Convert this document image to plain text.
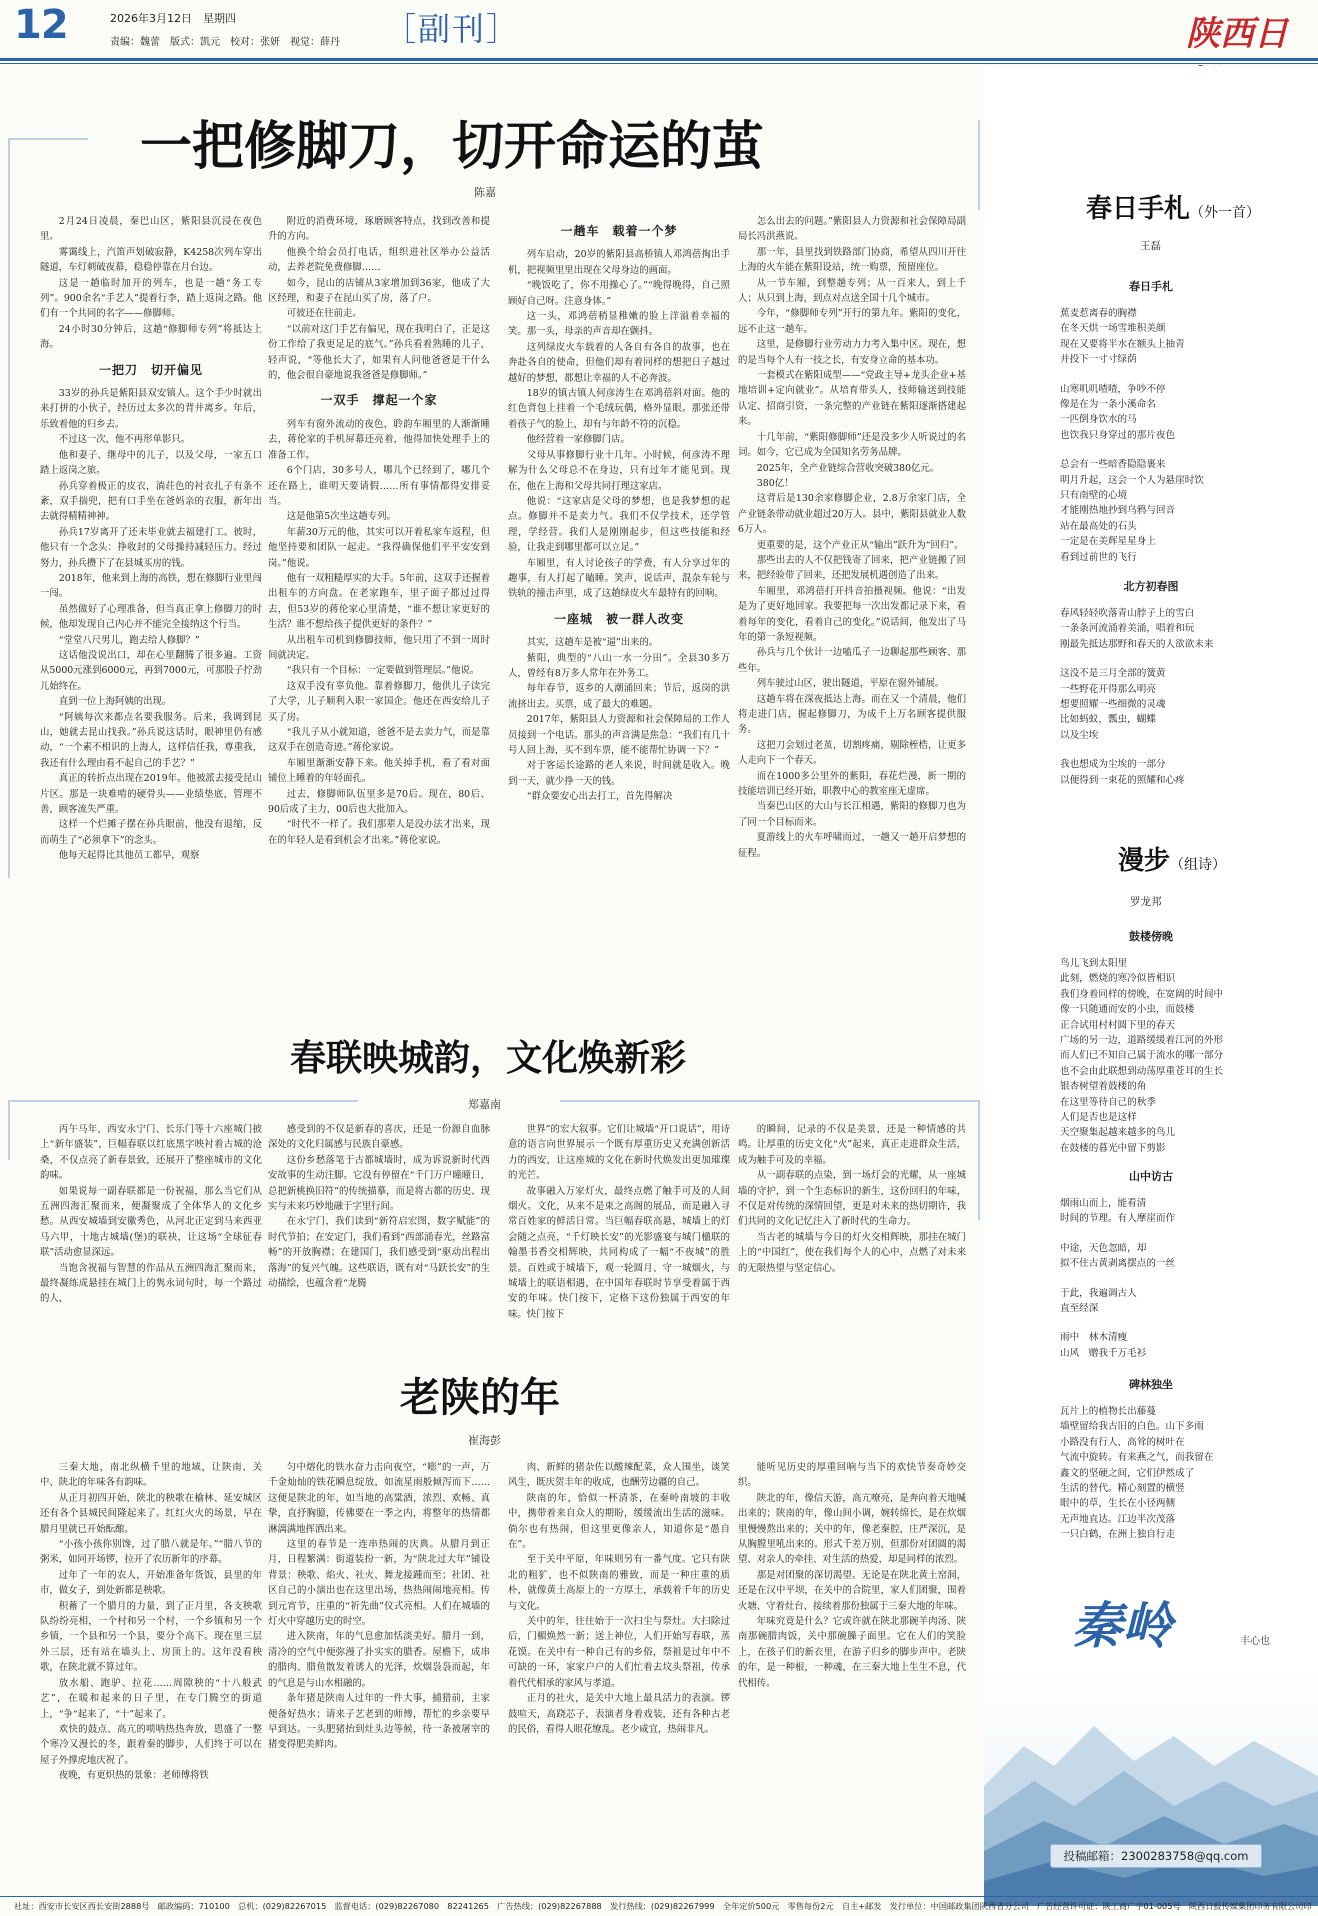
12	2026年3月12日　星期四
责编：魏蕾　版式：凯元　校对：张妍　视觉：薛丹 ［副刊］	陕西日
一把修脚刀，切开命运的茧
陈嘉

2月24日凌晨，秦巴山区，紫阳县沉浸在夜色里。

雾霭线上，汽笛声划破寂静，K4258次列车穿出隧道，车灯刺破夜幕，稳稳停靠在月台边。

这是一趟临时加开的列车，也是一趟“务工专列”。900余名“手艺人”提着行李，踏上返岗之路。他们有一个共同的名字——修脚师。

24小时30分钟后，这趟“修脚师专列”将抵达上海。

一把刀　切开偏见

33岁的孙兵是紫阳县双安镇人。这个手少时就出来打拼的小伙子，经历过太多次的背井离乡。年后，乐致着他的归乡去。

不过这一次，他不再形单影只。

他和妻子、继母中的儿子，以及父母，一家五口踏上返岗之旅。

孙兵穿着极正的皮衣，淌荘色的衬衣扎子有条不紊，双手揣兜，把有口手坐在爸妈亲的衣服，新年出去就得精精神神。

孙兵17岁离开了还未毕业就去福建打工。彼时，他只有一个念头：挣收封的父母操持减轻压力。经过努力，孙兵攒下了在县城买房的钱。

2018年，他来到上海的高铁，想在修脚行业里闯一闯。

虽然做好了心理准备，但当真正拿上修脚刀的时候，他却发现自己内心并不能完全接纳这个行当。

“堂堂八尺男儿，跑去给人修脚？”

这话他没说出口，却在心里翻腾了很多遍。工资从5000元涨到6000元，再到7000元，可那股子拧劲儿始终在。

直到一位上海阿姨的出现。

“阿姨每次来都点名要我服务。后来，我调到昆山，她就去昆山找我。”孙兵说这话时，眼神里仍有感动，“一个素不相识的上海人，这样信任我，尊重我，我还有什么理由看不起自己的手艺？”

真正的转折点出现在2019年。他被派去接受昆山片区。那是一块难啃的硬骨头——业绩垫底，管理不善，顾客流失严重。

这样一个烂摊子摆在孙兵眼前，他没有退缩，反而萌生了“必须拿下”的念头。

他每天起得比其他员工都早，观察

附近的消费环境，琢磨顾客特点，找到改善和提升的方向。

他换个给会员打电话，组织进社区举办公益活动，去养老院免费修脚……

如今，昆山的店铺从3家增加到36家，他成了大区经理，和妻子在昆山买了房，落了户。

可彼还在往前走。

“以前对这门手艺有偏见，现在我明白了，正是这份工作给了我更足足的底气。”孙兵看着熟睡的儿子，轻声说，“等他长大了，如果有人问他爸爸是干什么的，他会很自豪地说我爸爸是修脚师。”

一双手　撑起一个家

列车有窗外流动的夜色，聆韵车厢里的人渐渐睡去，蒋伦家的手机屏幕还亮着，他得加快处理手上的准备工作。

6个门店，30多号人，哪儿个已经到了，哪几个还在路上，谁明天要请假……所有事情都得安排妥当。

这是他第5次坐这趟专列。

年薪30万元的他，其实可以开着私家车返程，但他坚持要和团队一起走。“我得确保他们平平安安到岗。”他说。

他有一双粗糙厚实的大手。5年前，这双手还握着出租车的方向盘。在老家跑车，里子面子都过过得去，但53岁的蒋伦家心里清楚，“谁不想让家更好的生活？谁不想给孩子提供更好的条件？”

从出租车司机到修脚技师，他只用了不到一周时间就决定。

“我只有一个目标：一定要做到管理层。”他说。

这双手没有辜负他。靠着修脚刀，他供儿子读完了大学，儿子顺利入职一家国企。他还在西安给儿子买了房。

“我儿子从小就知道，爸爸不是去卖力气，而是靠这双手在创造奇迹。”蒋伦家说。

车厢里渐渐安静下来。他关掉手机，看了看对面铺位上睡着的年轻面孔。

过去，修脚师队伍里多是70后。现在，80后、90后成了主力，00后也大批加入。

“时代不一样了。我们那辈人是没办法才出来，现在的年轻人是看到机会才出来。”蒋伦家说。

一趟车　载着一个梦

列车启动，20岁的紫阳县高桥镇人邓鸿蓓掏出手机，把视频里里出现在父母身边的画面。

“晚饭吃了，你不用操心了。”“晚得晚得，自己照顾好自己呀。注意身体。”

这一头，邓鸿蓓稍显稚嫩的脸上洋溢着幸福的笑。那一头，母亲的声音却在颤抖。

这列绿皮火车载着的人各自有各自的故事，也在奔赴各自的使命，但他们却有着同样的想把日子越过越好的梦想，都想让幸福的人不必奔波。

18岁的镇古镇人何彦涛生在邓鸿蓓斜对面。他的红色背包上挂着一个毛绒玩偶，格外显眼。那张还带着孩子气的脸上，却有与年龄不符的沉稳。

他经营着一家修脚门店。

父母从事修脚行业十几年。小时候，何彦涛不理解为什么父母总不在身边，只有过年才能见到。现在，他在上海和父母共同打理这家店。

他说：“这家店是父母的梦想，也是我梦想的起点。修脚并不是卖力气。我们不仅学技术，还学管理，学经营。我们人是刚刚起步，但这些技能和经验，让我走到哪里都可以立足。”

车厢里，有人讨论孩子的学费，有人分享过年的趣事，有人打起了瞌睡。笑声，说话声，混杂车轮与铁轨的撞击声里，成了这趟绿皮火车最特有的回响。

一座城　被一群人改变

其实，这趟车是被“逼”出来的。

紫阳，典型的“八山一水一分田”。全县30多万人，曾经有8万多人常年在外务工。

每年春节，返乡的人潮涌回来；节后，返岗的洪流挤出去。买票，成了最大的难题。

2017年，紫阳县人力资源和社会保障局的工作人员接到一个电话。那头的声音满是焦急：“我们有几十号人回上海，买不到车票，能不能帮忙协调一下？”

对于客运长途路的老人来说，时间就是收入。晚到一天，就少挣一天的钱。

“群众要安心出去打工，首先得解决

怎么出去的问题。”紫阳县人力资源和社会保障局副局长冯洪燕说。

那一年，县里找到铁路部门协商，希望从四川开往上海的火车能在紫阳设站，统一购票，预留座位。

从一节车厢，到整趟专列；从一百来人，到上千人；从只到上海，到点对点送全国十几个城市。

今年，“修脚师专列”开行的第九年。紫阳的变化，远不止这一趟车。

这里，是修脚行业劳动力力考入集中区。现在，想的是当每个人有一技之长，有安身立命的基本功。

一套模式在紫阳成型——“党政主导+龙头企业+基地培训+定向就业”。从培育带头人，技师输送到技能认定、招商引资，一条完整的产业链在紫阳逐渐搭建起来。

十几年前，“紫阳修脚师”还是没多少人听说过的名词。如今，它已成为全国知名劳务品牌。

2025年，全产业链综合营收突破380亿元。

380亿！

这背后是130余家修脚企业，2.8万余家门店，全产业链条带动就业超过20万人。县中，紫阳县就业人数6万人。

更重要的是，这个产业正从“输出”跃升为“回归”。

那些出去的人不仅把钱寄了回来，把产业链搬了回来，把经验带了回来，还把发展机遇创造了出来。

车厢里，邓鸿蓓打开抖音拍摄视频。他说：“出发是为了更好地回家。我要把每一次出发都记录下来，看着每年的变化，看着自己的变化。”说话间，他发出了马年的第一条短视频。

孙兵与几个伙计一边嗑瓜子一边聊起那些顾客、那些年。

列车驶过山区，驶出隧道，平原在窗外铺展。

这趟车将在深夜抵达上海。而在又一个清晨，他们将走进门店，握起修脚刀，为成千上万名顾客提供服务。

这把刀会划过老茧，切割疼痛，剔除桎梏，让更多人走向下一个春天。

而在1000多公里外的紫阳，春花烂漫，新一期的技能培训已经开始，职教中心的教室座无虚席。

当秦巴山区的大山与长江相遇，紫阳的修脚刀也为了同一个目标而来。

夏游线上的火车呼啸而过，一趟又一趟开启梦想的征程。

春联映城韵，文化焕新彩
郑嘉南

丙午马年，西安永宁门、长乐门等十六座城门披上“新年盛装”，巨幅春联以红底黑字映衬着古城的沧桑，不仅点亮了新春景致，还展开了整座城市的文化韵味。

如果说每一副春联都是一份祝福，那么当它们从五洲四海汇聚而来，便凝聚成了全体华人的文化乡愁。从西安城墙到安徽秀色，从河北正定到马来西亚马六甲，十地古城墙(堡)的联袂，让这场“全球征春联”活动愈显深远。

当饱含祝福与智慧的作品从五洲四海汇聚而来，最终凝练成悬挂在城门上的隽永词句时，每一个路过的人，

感受到的不仅是新春的喜庆，还是一份源自血脉深处的文化归属感与民族自豪感。

这份乡愁落笔于古都城墙时，成为诉说新时代西安故事的生动注脚。它没有停留在“千门万户曈曈日，总把新桃换旧符”的传统描摹，而是将古都的历史、现实与未来巧妙地融于字里行间。

在永宁门，我们读到“新符启宏图，数字赋能”的时代节拍；在安定门，我们看到“西部涌春光，丝路富畅”的开放胸襟；在建国门，我们感受到“驱动出程出落海”的复兴气魄。这些联语，既有对“马跃长安”的生动描绘，也蕴含着“龙腾

世界”的宏大叙事。它们让城墙“开口说话”，用诗意的语言向世界展示一个既有厚重历史又充满创新活力的西安，让这座城的文化在新时代焕发出更加璀璨的光芒。

故事融入万家灯火，最终点燃了触手可及的人间烟火。文化，从来不是束之高阁的展品，而是融入寻常百姓家的鲜活日常。当巨幅春联高悬，城墙上的灯会随之点亮，“千灯映长安”的光影盛宴与城门楹联的翰墨书香交相辉映，共同构成了一幅“不夜城”的胜景。百姓或于城墙下，观一轮圆月、守一城烟火，与城墙上的联语相遇，在中国年春联时节享受着属于西安的年味。快门按下，定格下这份独属于西安的年味。快门按下

的瞬间，记录的不仅是美景，还是一种情感的共鸣。让厚重的历史文化“火”起来，真正走进群众生活，成为触手可及的幸福。

从一副春联的点染，到一场灯会的光耀，从一座城墙的守护，到一个生态标识的新生，这份回归的年味，不仅是对传统的深情回望，更是对未来的热切期许，我们共同的文化记忆注入了新时代的生命力。

当古老的城墙与今日的灯火交相辉映，那挂在城门上的“中国红”，使在我们每个人的心中，点燃了对未来的无限热望与坚定信心。

老陕的年
崔海彭

三秦大地，南北纵横千里的地域，让陕南、关中、陕北的年味各有韵味。

从正月初四开始，陕北的秧歌在榆林、延安城区还有各个县城民间隆起来了。红红火火的场景，早在腊月里就已开始酝酿。

“小孩小孩你别馋，过了腊八就是年。”“腊八节的粥米，如同开场锣，拉开了农历新年的序幕。

过年了一年的农人，开始准备年货饭，县里的年市，做女子，到处新都是秧歌。

积蓄了一个腊月的力量，到了正月里，各支秧歌队纷纷亮相，一个村和另一个村，一个乡镇和另一个乡镇，一个县和另一个县，要分个高下。现在里三层外三层，还有站在墙头上、房顶上的。这年没看秧歌，在陕北就不算过年。

放水船、跑驴、拉花……周隙秧的“十八般武艺”，在暖和起来的日子里，在专门腾空的街道上，“争“起来了，“十”起来了。

欢快的鼓点、高亢的唢呐热热奔放，恩盛了一整个寒冷又漫长的冬，跟着秦的脚步，人们终于可以在屋子外撑虎地庆祝了。

夜晚，有更炽热的景象：老师傅将铁

匀中熔化的铁水奋力击向夜空，“嘭”的一声，万千金灿灿的铁花瞬息绽放，如流星雨般倾泻而下……这便是陕北的年，如当地的高粱酒，浓烈、欢畅、真挚，直抒胸臆，传佛要在一季之内，将整年的热情都淋漓满地挥洒出来。

这里的春节是一连串热闹的庆典。从腊月到正月，日程繁满：街道装扮一新，为“陕北过大年”铺设背景：秧歌、焰火、社火、舞龙接踵而至；社团、社区自己的小演出也在这里出场，热热闹闹地亮相。传到元宵节，庄重的“祈先曲”仪式亮相。人们在城墙的灯火中穿越历史的时空。

进入陕南，年的气息愈加恬淡美好。腊月一到，清冷的空气中便弥漫了扑实实的腊香。屋檐下，成串的腊肉、腊鱼散发着诱人的光泽，炊烟袅袅而起，年的气息是与山水相融的。

条年猪是陕南人过年的一件大事，捕猎前，主家便备好热水；请来子艺老到的师傅，帮忙的乡亲要早早到达。一头肥猪抬到灶头边等候，待一条被屠宰的猪变得肥美鲜肉。

肉、新鲜的猪杂佐以酸辣配菜，众人围坐，谈笑风生，既庆贺丰年的收成，也酬劳边疆的自己。

陕南的年，恰似一杯清茶，在秦岭南坡的丰收中，携带着来自众人的期盼，缓缓流出生活的滋味。倘尔也有热闹，但这里更像亲人，知道你是“愚自在”。

至于关中平原，年味则另有一番气度。它只有陕北的粗犷，也不似陕南的雅致，而是一种庄重的质朴，就像黄土高原上的一方厚土，承载着千年的历史与文化。

关中的年，往往始于一次扫尘与祭灶。大扫除过后，门楣焕然一新；送上神位，人们开始写春联，蒸花馍。在关中有一种自己有的乡俗，祭祖是过年中不可缺的一环，家家户户的人们忙着去坟头祭祖，传承着代代相承的家风与孝道。

正月的社火，是关中大地上最具活力的表演。锣鼓喧天，高跷芯子，表演者身着戏装，还有各种古老的民俗，看得人眼花缭乱。老少咸宜，热闹非凡。

能听见历史的厚重回响与当下的欢快节奏奇妙交织。

陕北的年，像信天游，高亢嘹亮，是奔向着天地喊出来的；陕南的年，像山间小调，婉转绵长，是在炊烟里慢慢熬出来的；关中的年，像老秦腔，庄严深沉，是从胸膛里吼出来的。形式千差万别，但那份对团圆的渴望、对亲人的牵挂、对生活的热爱，却是同样的浓烈。

那是对团聚的深切渴望。无论是在陕北黄土窑洞，还是在汉中平坝，在关中的合院里，家人们团聚，围着火塘、守着灶台、接续着那份独属于三秦大地的年味。

年味究竟是什么？它或许就在陕北那碗羊肉汤、陕南那碗腊肉饭，关中那碗臊子面里。它在人们的笑脸上，在孩子们的新衣里，在游子归乡的脚步声中。老陕的年，是一种根，一种魂，在三秦大地上生生不息，代代相传。

春日手札（外一首）
王磊
春日手札
蕉麦惹离春的胸襟
在冬天烘一场雪堆积美颜
现在又要将半水在额头上抽青
并投下一寸寸绿荫
山寒叽叽喳喳，争吵不停
像是在为一条小溪命名
一匹倒身饮水的马
也饮我只身穿过的那片夜色
总会有一些暗香隐隐裹来
明月升起，这会一个人为悬崖时饮
只有南壁的心境
才能刚热地抄到乌鸦与回音
站在最高处的石头
一定是在美辉星星身上
看到过前世的飞行
北方初春图
春风轻轻吹落青山脖子上的雪白
一条条河流涌着美涌，唱着和玩
刚最先抵达那野和春天的人欲欲未来
这没不是三月全部的簧黄
一些野花开得那么明亮
想要照耀一些细微的灵魂
比如蚂蚁，瓢虫，蝴蝶
以及尘埃
我也想成为尘埃的一部分
以便得到一束花的照耀和心疼
漫步（组诗）
罗龙邦
鼓楼傍晚
鸟儿飞到太阳里
此刻，燃烧的寒冷似皆相识
我们身着同样的傍晚，在宽阔的时间中
像一只随通而安的小虫，而鼓楼
正合试用村村圆下里的春天
广场的另一边，道路缓缓着江河的外形
而人们已不知自己属于流水的哪一部分
也不会由此联想到动荡厚重苍耳的生长
银杏树望着鼓楼的角
在这里等待自己的秋季
人们是否也是这样
天空聚集起越来越多的鸟儿
在鼓楼的暮光中留下剪影
山中访古
烟雨山而上，能看清
时间的节理。有人摩崖而作
中途，天色忽暗，却
拟不住古黄剥离摆点的一丝
于此，我遍调古人
直至经深
雨中　林木清瘦
山风　赠我千万毛衫
碑林独坐
瓦片上的植物长出藤蔓
墙壁留给我古旧的白色。山下多雨
小路没有行人，高耸的树叶在
气流中旋转。有来燕之气，而我留在
鑫文的坚硬之间，它们伊然成了
生活的替代。精心刻置的横竖
眼中的草，生长在小径两侧
无声地直达。江边半次茂落
一只白鹤，在洲上独自行走
秦岭	丰心也
投稿邮箱：2300283758@qq.com
社址：西安市长安区西长安街2888号　邮政编码：710100　总机：(029)82267015　监督电话：(029)82267080　82241265　广告热线：(029)82267888　发行热线：(029)82267999　全年定价500元　零售每份2元　自主+邮发　发行单位：中国邮政集团陕西省分公司　广告经营许可证：陕工商广字01-005号　陕西日报传媒集团印务有限公司印
